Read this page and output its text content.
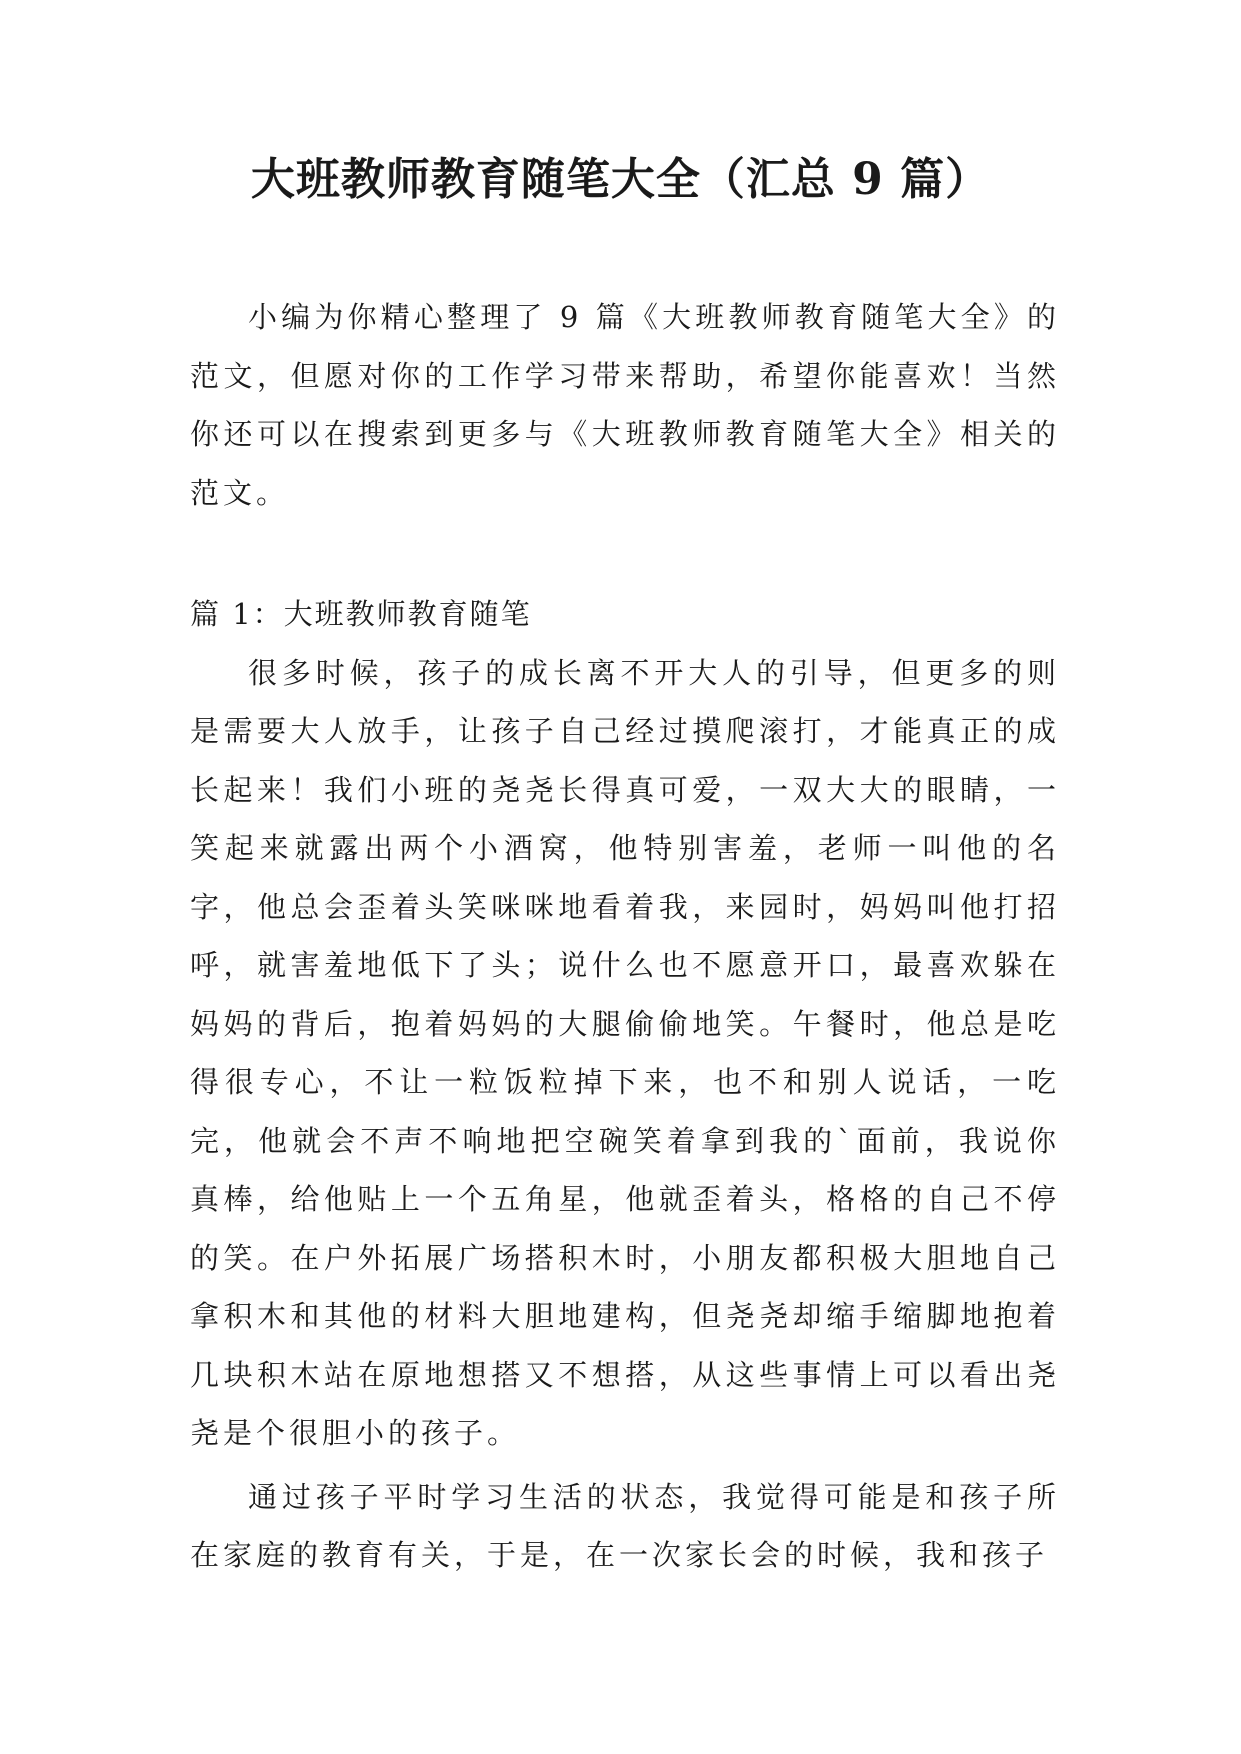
大班教师教育随笔大全（汇总 9 篇）

小编为你精心整理了 9 篇《大班教师教育随笔大全》的范文，但愿对你的工作学习带来帮助，希望你能喜欢！当然你还可以在搜索到更多与《大班教师教育随笔大全》相关的范文。

篇 1：大班教师教育随笔

很多时候，孩子的成长离不开大人的引导，但更多的则是需要大人放手，让孩子自己经过摸爬滚打，才能真正的成长起来！我们小班的尧尧长得真可爱，一双大大的眼睛，一笑起来就露出两个小酒窝，他特别害羞，老师一叫他的名字，他总会歪着头笑咪咪地看着我，来园时，妈妈叫他打招呼，就害羞地低下了头；说什么也不愿意开口，最喜欢躲在妈妈的背后，抱着妈妈的大腿偷偷地笑。午餐时，他总是吃得很专心，不让一粒饭粒掉下来，也不和别人说话，一吃完，他就会不声不响地把空碗笑着拿到我的`面前，我说你真棒，给他贴上一个五角星，他就歪着头，格格的自己不停的笑。在户外拓展广场搭积木时，小朋友都积极大胆地自己拿积木和其他的材料大胆地建构，但尧尧却缩手缩脚地抱着几块积木站在原地想搭又不想搭，从这些事情上可以看出尧尧是个很胆小的孩子。

通过孩子平时学习生活的状态，我觉得可能是和孩子所在家庭的教育有关，于是，在一次家长会的时候，我和孩子
